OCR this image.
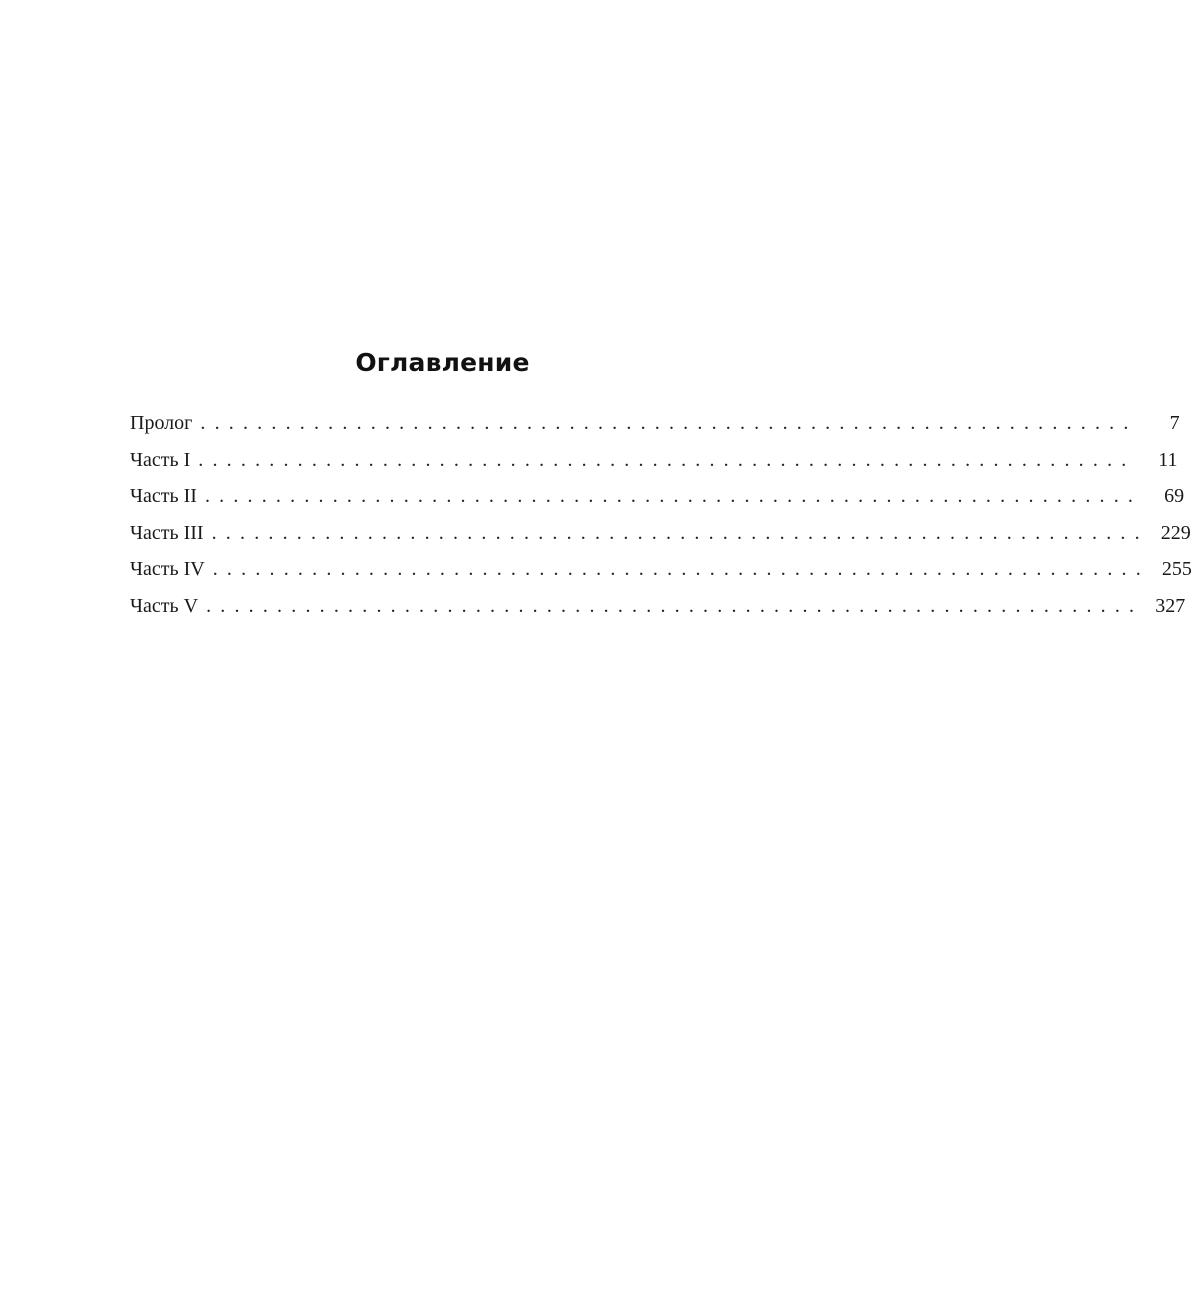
Оглавление
Пролог ..................................................................	7
Часть I ..................................................................	11
Часть II ..................................................................	69
Часть III .................................................................. 229
Часть IV .................................................................. 255
Часть V .................................................................. 327
